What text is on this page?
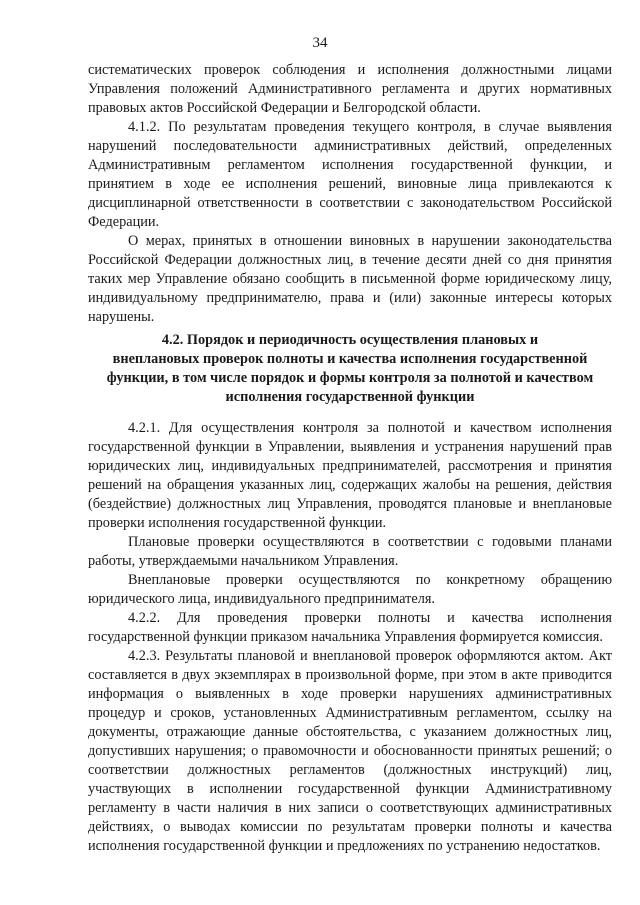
34

систематических проверок соблюдения и исполнения должностными лицами Управления положений Административного регламента и других нормативных правовых актов Российской Федерации и Белгородской области.

4.1.2. По результатам проведения текущего контроля, в случае выявления нарушений последовательности административных действий, определенных Административным регламентом исполнения государственной функции, и принятием в ходе ее исполнения решений, виновные лица привлекаются к дисциплинарной ответственности в соответствии с законодательством Российской Федерации.

О мерах, принятых в отношении виновных в нарушении законодательства Российской Федерации должностных лиц, в течение десяти дней со дня принятия таких мер Управление обязано сообщить в письменной форме юридическому лицу, индивидуальному предпринимателю, права и (или) законные интересы которых нарушены.

4.2. Порядок и периодичность осуществления плановых и

внеплановых проверок полноты и качества исполнения государственной

функции, в том числе порядок и формы контроля за полнотой и качеством

исполнения государственной функции

4.2.1. Для осуществления контроля за полнотой и качеством исполнения государственной функции в Управлении, выявления и устранения нарушений прав юридических лиц, индивидуальных предпринимателей, рассмотрения и принятия решений на обращения указанных лиц, содержащих жалобы на решения, действия (бездействие) должностных лиц Управления, проводятся плановые и внеплановые проверки исполнения государственной функции.

Плановые проверки осуществляются в соответствии с годовыми планами работы, утверждаемыми начальником Управления.

Внеплановые проверки осуществляются по конкретному обращению юридического лица, индивидуального предпринимателя.

4.2.2. Для проведения проверки полноты и качества исполнения государственной функции приказом начальника Управления формируется комиссия.

4.2.3. Результаты плановой и внеплановой проверок оформляются актом. Акт составляется в двух экземплярах в произвольной форме, при этом в акте приводится информация о выявленных в ходе проверки нарушениях административных процедур и сроков, установленных Административным регламентом, ссылку на документы, отражающие данные обстоятельства, с указанием должностных лиц, допустивших нарушения; о правомочности и обоснованности принятых решений; о соответствии должностных регламентов (должностных инструкций) лиц, участвующих в исполнении государственной функции Административному регламенту в части наличия в них записи о соответствующих административных действиях, о выводах комиссии по результатам проверки полноты и качества исполнения государственной функции и предложениях по устранению недостатков.
